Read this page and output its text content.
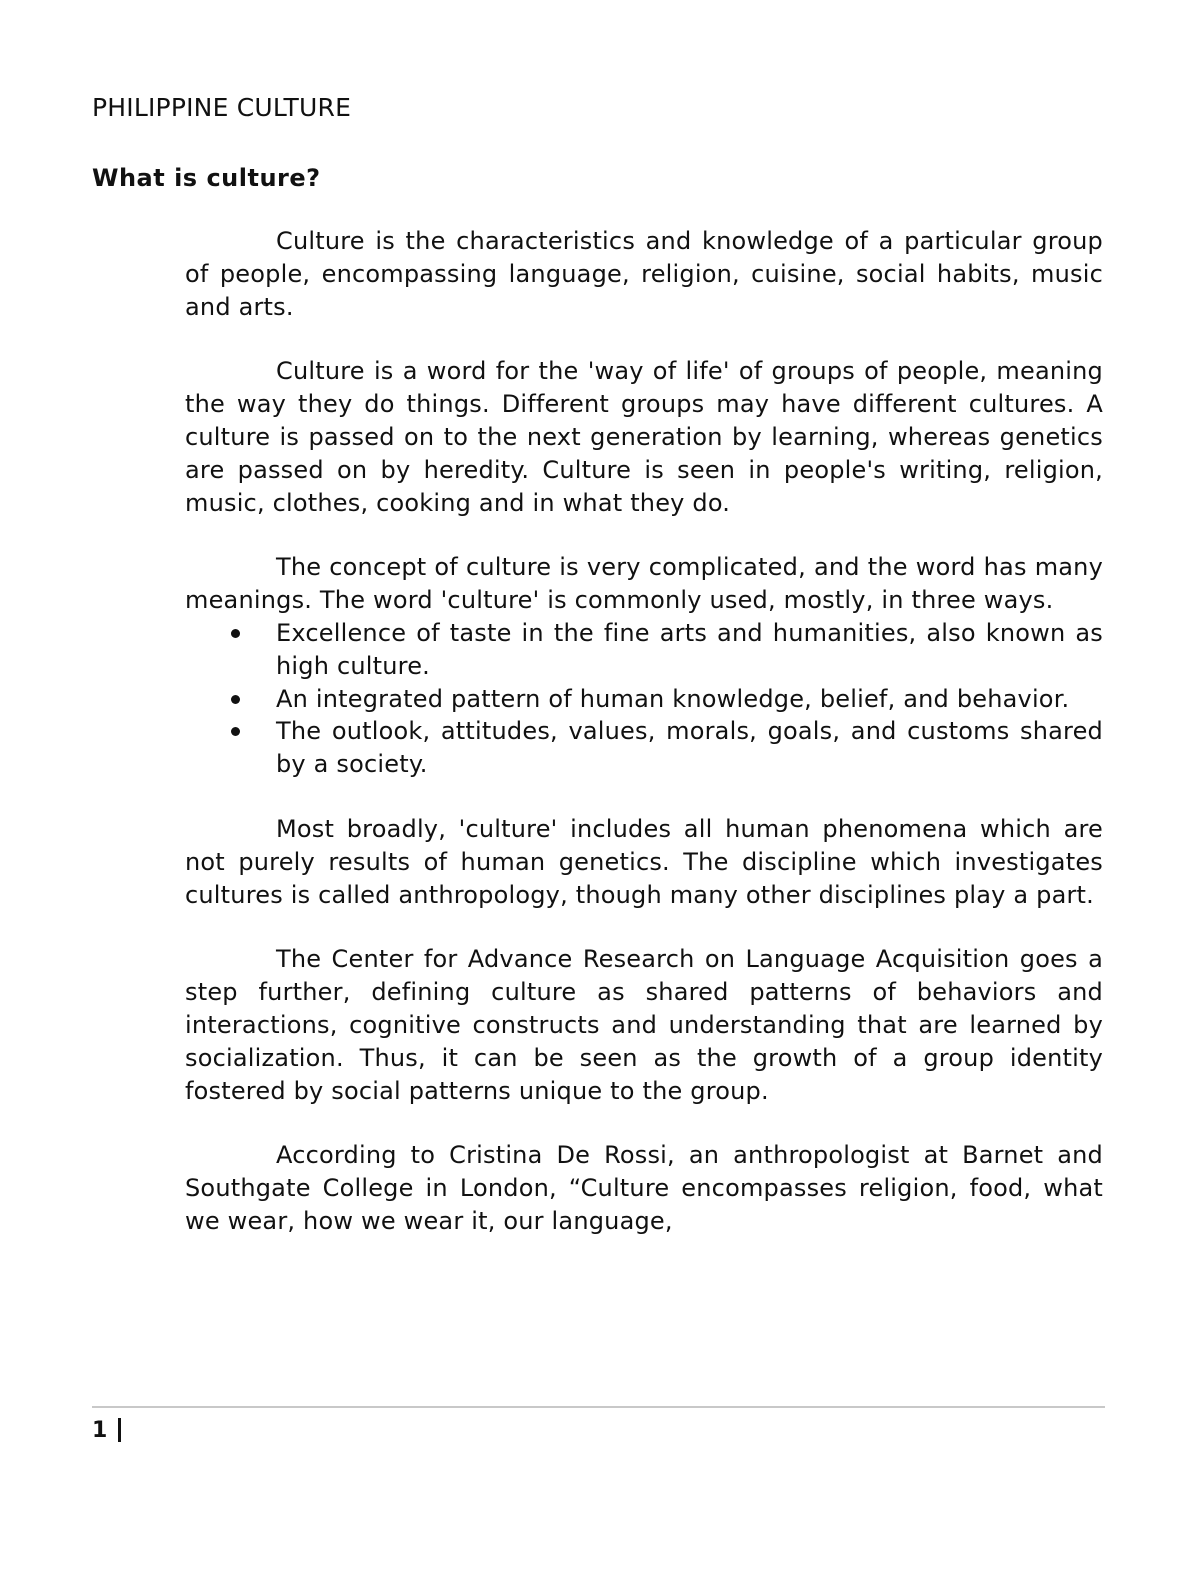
PHILIPPINE CULTURE
What is culture?

Culture is the characteristics and knowledge of a particular group of people, encompassing language, religion, cuisine, social habits, music and arts.

Culture is a word for the 'way of life' of groups of people, meaning the way they do things. Different groups may have different cultures. A culture is passed on to the next generation by learning, whereas genetics are passed on by heredity. Culture is seen in people's writing, religion, music, clothes, cooking and in what they do.

The concept of culture is very complicated, and the word has many meanings. The word 'culture' is commonly used, mostly, in three ways.

Excellence of taste in the fine arts and humanities, also known as high culture.
An integrated pattern of human knowledge, belief, and behavior.
The outlook, attitudes, values, morals, goals, and customs shared by a society.

Most broadly, 'culture' includes all human phenomena which are not purely results of human genetics. The discipline which investigates cultures is called anthropology, though many other disciplines play a part.

The Center for Advance Research on Language Acquisition goes a step further, defining culture as shared patterns of behaviors and interactions, cognitive constructs and understanding that are learned by socialization. Thus, it can be seen as the growth of a group identity fostered by social patterns unique to the group.

According to Cristina De Rossi, an anthropologist at Barnet and Southgate College in London, “Culture encompasses religion, food, what we wear, how we wear it, our language,

1
